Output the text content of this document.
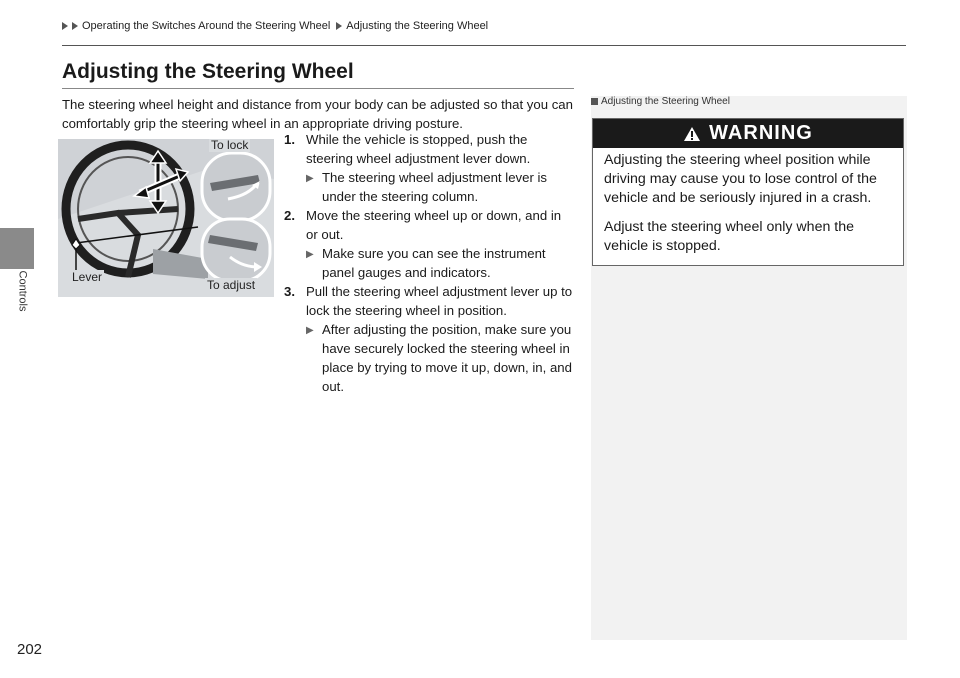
Controls
202
Operating the Switches Around the Steering Wheel Adjusting the Steering Wheel
Adjusting the Steering Wheel

The steering wheel height and distance from your body can be adjusted so that you can comfortably grip the steering wheel in an appropriate driving posture.

To lock
To adjust
Lever
1. While the vehicle is stopped, push the steering wheel adjustment lever down.
▶ The steering wheel adjustment lever is under the steering column.
2. Move the steering wheel up or down, and in or out.
▶ Make sure you can see the instrument panel gauges and indicators.
3. Pull the steering wheel adjustment lever up to lock the steering wheel in position.
▶ After adjusting the position, make sure you have securely locked the steering wheel in place by trying to move it up, down, in, and out.
Adjusting the Steering Wheel
WARNING

Adjusting the steering wheel position while driving may cause you to lose control of the vehicle and be seriously injured in a crash.

Adjust the steering wheel only when the vehicle is stopped.
